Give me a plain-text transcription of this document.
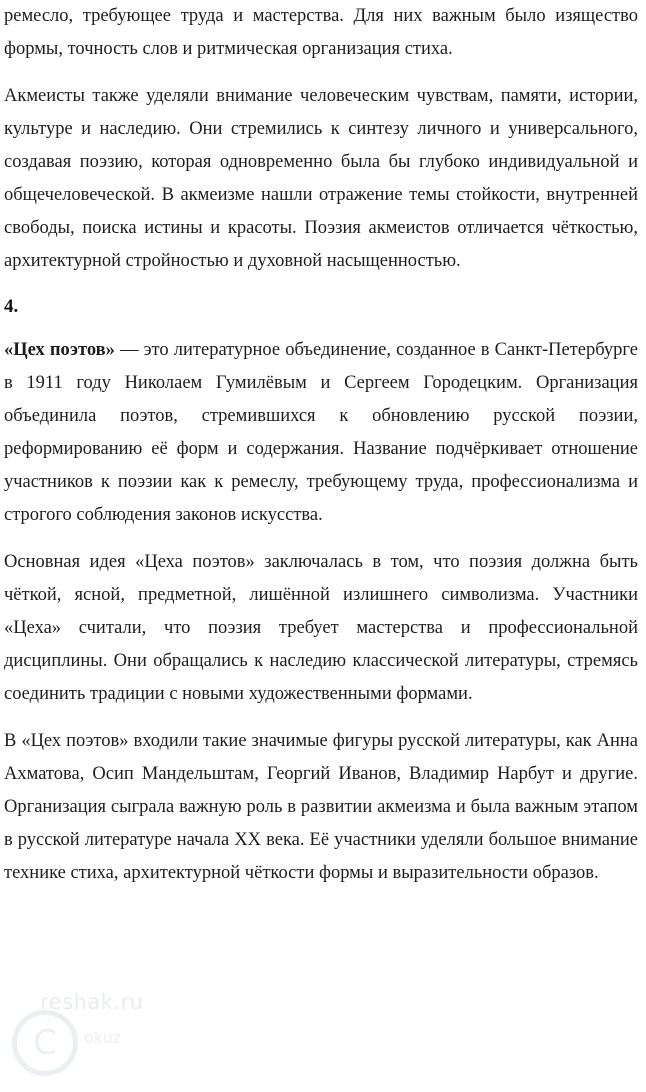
ремесло, требующее труда и мастерства. Для них важным было изящество формы, точность слов и ритмическая организация стиха.

Акмеисты также уделяли внимание человеческим чувствам, памяти, истории, культуре и наследию. Они стремились к синтезу личного и универсального, создавая поэзию, которая одновременно была бы глубоко индивидуальной и общечеловеческой. В акмеизме нашли отражение темы стойкости, внутренней свободы, поиска истины и красоты. Поэзия акмеистов отличается чёткостью, архитектурной стройностью и духовной насыщенностью.

4.

«Цех поэтов» — это литературное объединение, созданное в Санкт-Петербурге в 1911 году Николаем Гумилёвым и Сергеем Городецким. Организация объединила поэтов, стремившихся к обновлению русской поэзии, реформированию её форм и содержания. Название подчёркивает отношение участников к поэзии как к ремеслу, требующему труда, профессионализма и строгого соблюдения законов искусства.

Основная идея «Цеха поэтов» заключалась в том, что поэзия должна быть чёткой, ясной, предметной, лишённой излишнего символизма. Участники «Цеха» считали, что поэзия требует мастерства и профессиональной дисциплины. Они обращались к наследию классической литературы, стремясь соединить традиции с новыми художественными формами.

В «Цех поэтов» входили такие значимые фигуры русской литературы, как Анна Ахматова, Осип Мандельштам, Георгий Иванов, Владимир Нарбут и другие. Организация сыграла важную роль в развитии акмеизма и была важным этапом в русской литературе начала XX века. Её участники уделяли большое внимание технике стиха, архитектурной чёткости формы и выразительности образов.

reshak.ru
C	okuz
